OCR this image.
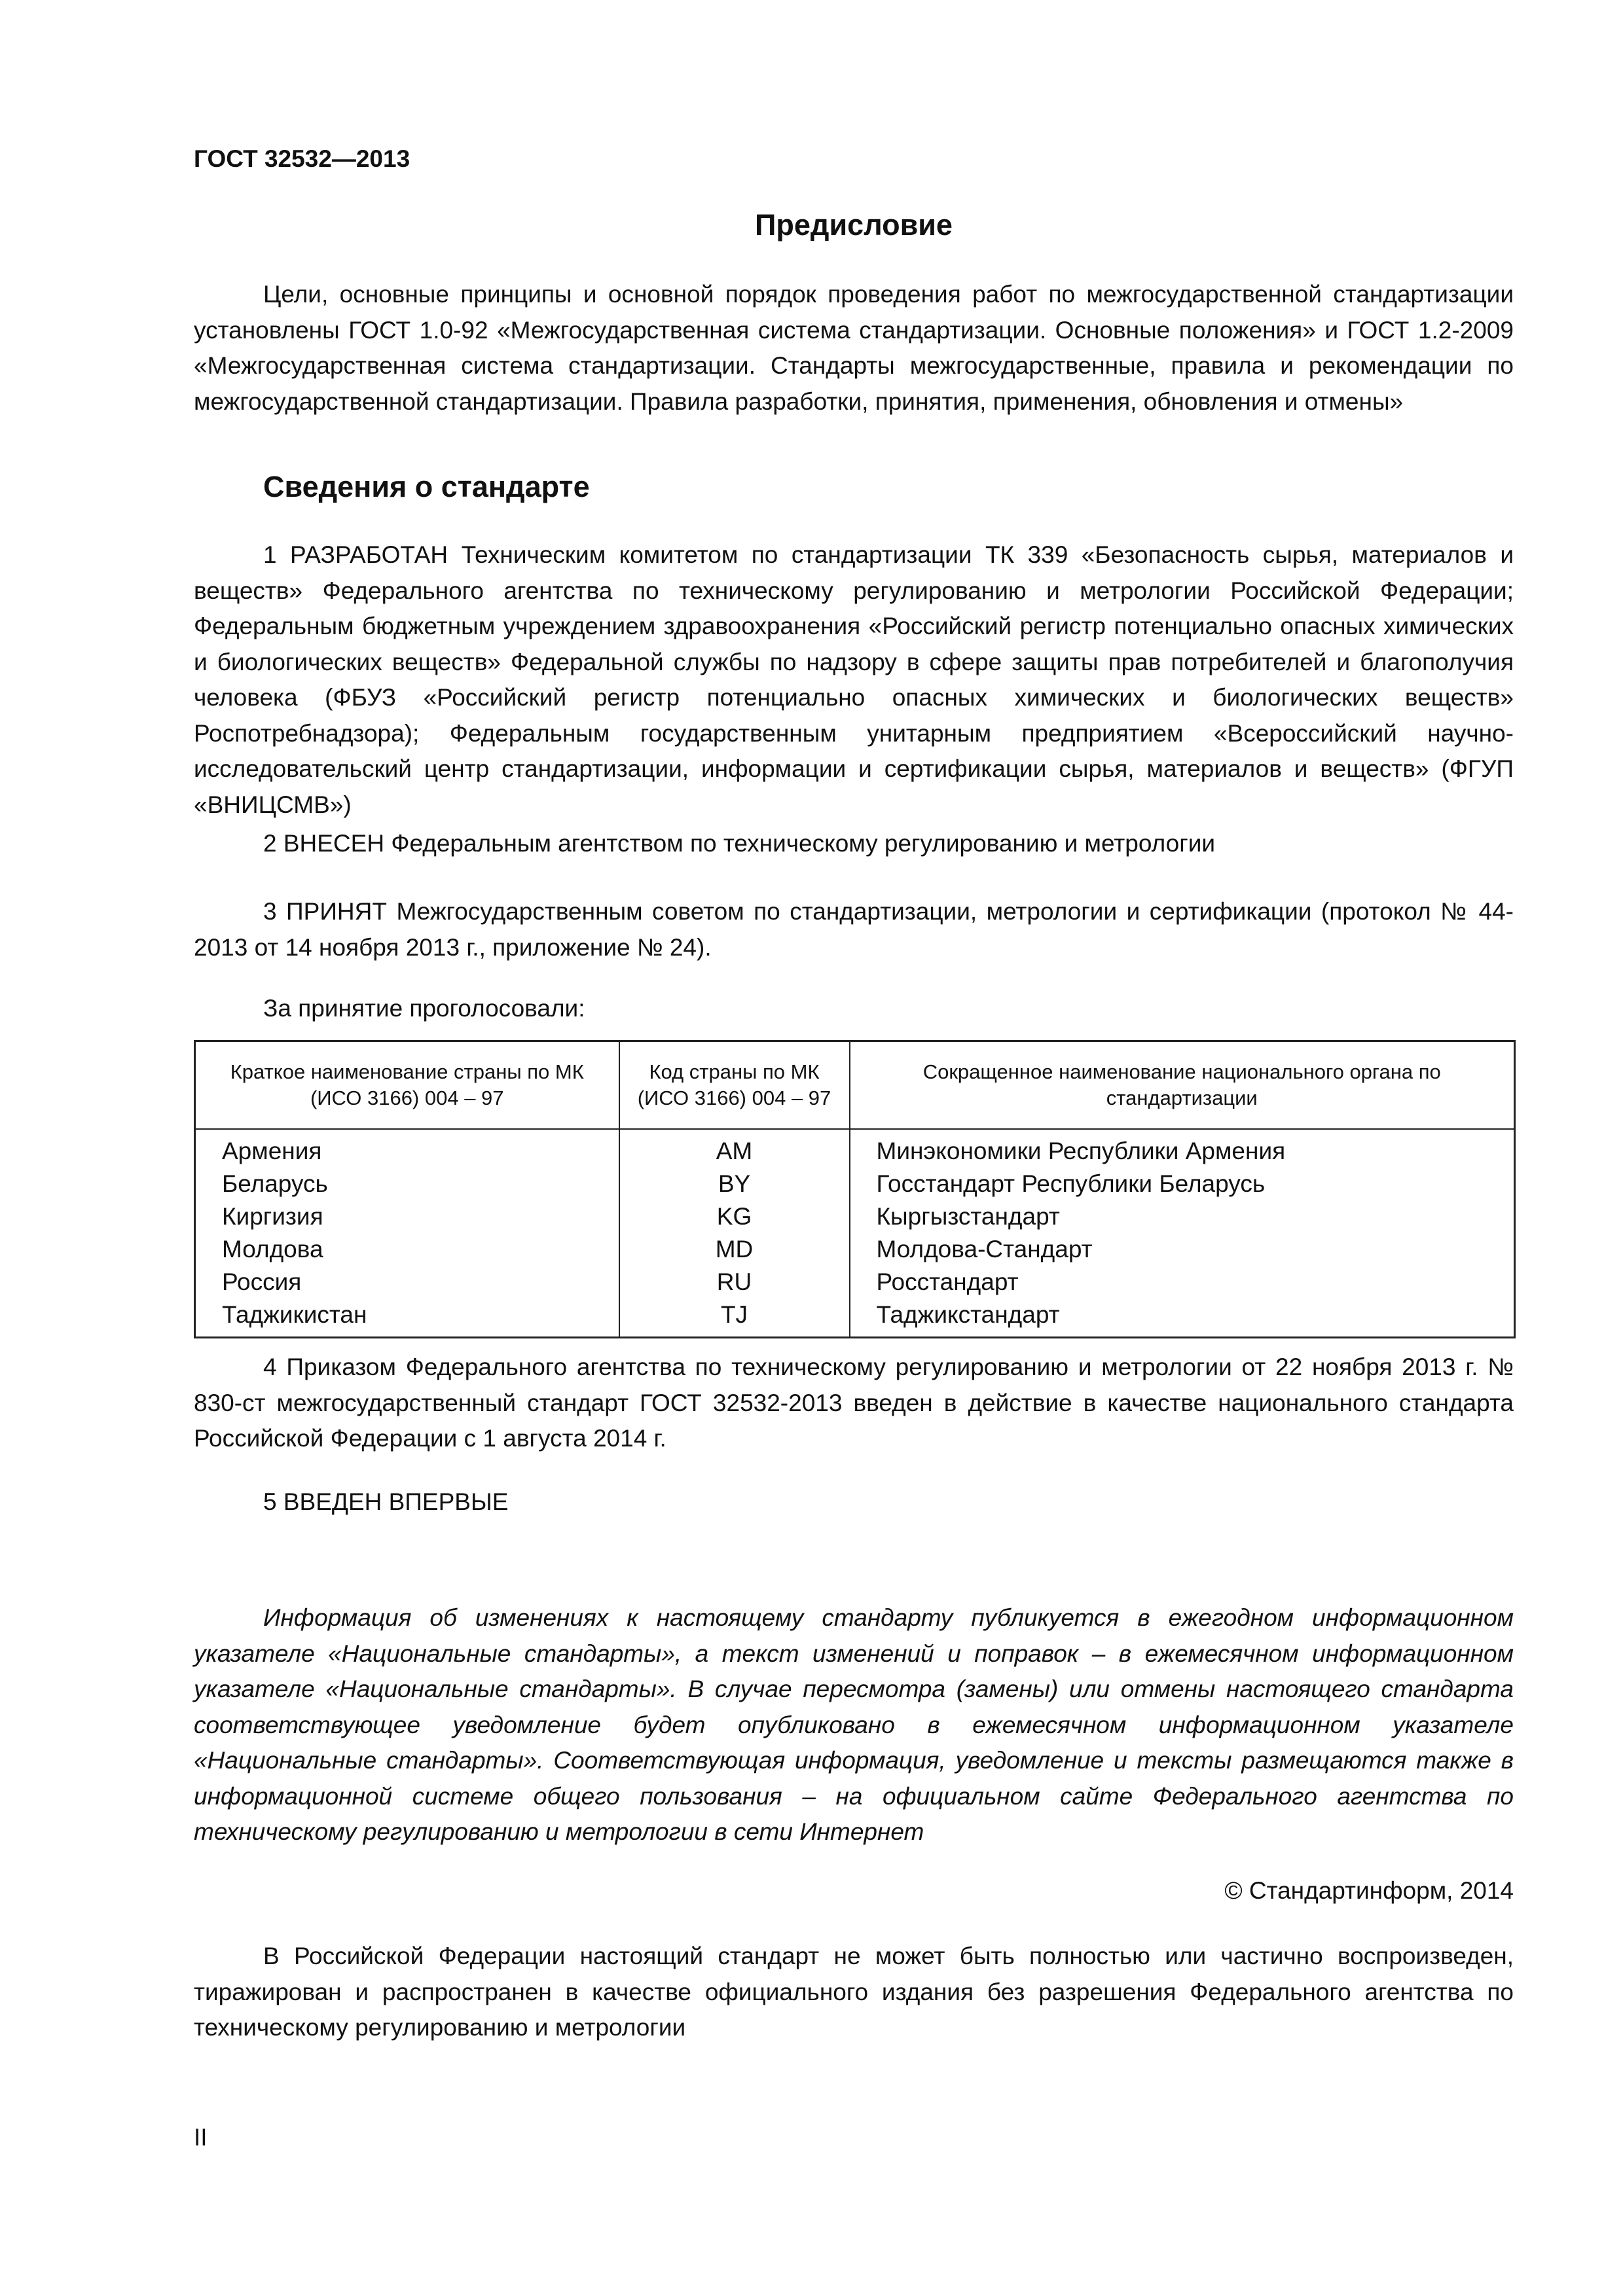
ГОСТ 32532—2013

Предисловие

Цели, основные принципы и основной порядок проведения работ по межгосударственной стандартизации установлены ГОСТ 1.0-92 «Межгосударственная система стандартизации. Основные положения» и ГОСТ 1.2-2009 «Межгосударственная система стандартизации. Стандарты межгосударственные, правила и рекомендации по межгосударственной стандартизации. Правила разработки, принятия, применения, обновления и отмены»

Сведения о стандарте

1 РАЗРАБОТАН Техническим комитетом по стандартизации ТК 339 «Безопасность сырья, материалов и веществ» Федерального агентства по техническому регулированию и метрологии Российской Федерации; Федеральным бюджетным учреждением здравоохранения «Российский регистр потенциально опасных химических и биологических веществ» Федеральной службы по надзору в сфере защиты прав потребителей и благополучия человека (ФБУЗ «Российский регистр потенциально опасных химических и биологических веществ» Роспотребнадзора); Федеральным государственным унитарным предприятием «Всероссийский научно-исследовательский центр стандартизации, информации и сертификации сырья, материалов и веществ» (ФГУП «ВНИЦСМВ»)

2 ВНЕСЕН Федеральным агентством по техническому регулированию и метрологии

3 ПРИНЯТ Межгосударственным советом по стандартизации, метрологии и сертификации (протокол № 44-2013 от 14 ноября 2013 г., приложение № 24).

За принятие проголосовали:

Краткое наименование страны по МК (ИСО 3166) 004 – 97	Код страны по МК (ИСО 3166) 004 – 97	Сокращенное наименование национального органа по стандартизации
Армения	AM	Минэкономики Республики Армения
Беларусь	BY	Госстандарт Республики Беларусь
Киргизия	KG	Кыргызстандарт
Молдова	MD	Молдова-Стандарт
Россия	RU	Росстандарт
Таджикистан	TJ	Таджикстандарт

4 Приказом Федерального агентства по техническому регулированию и метрологии от 22 ноября 2013 г. № 830-ст межгосударственный стандарт ГОСТ 32532-2013 введен в действие в качестве национального стандарта Российской Федерации с 1 августа 2014 г.

5 ВВЕДЕН ВПЕРВЫЕ

Информация об изменениях к настоящему стандарту публикуется в ежегодном информационном указателе «Национальные стандарты», а текст изменений и поправок – в ежемесячном информационном указателе «Национальные стандарты». В случае пересмотра (замены) или отмены настоящего стандарта соответствующее уведомление будет опубликовано в ежемесячном информационном указателе «Национальные стандарты». Соответствующая информация, уведомление и тексты размещаются также в информационной системе общего пользования – на официальном сайте Федерального агентства по техническому регулированию и метрологии в сети Интернет

© Стандартинформ, 2014

В Российской Федерации настоящий стандарт не может быть полностью или частично воспроизведен, тиражирован и распространен в качестве официального издания без разрешения Федерального агентства по техническому регулированию и метрологии

II
